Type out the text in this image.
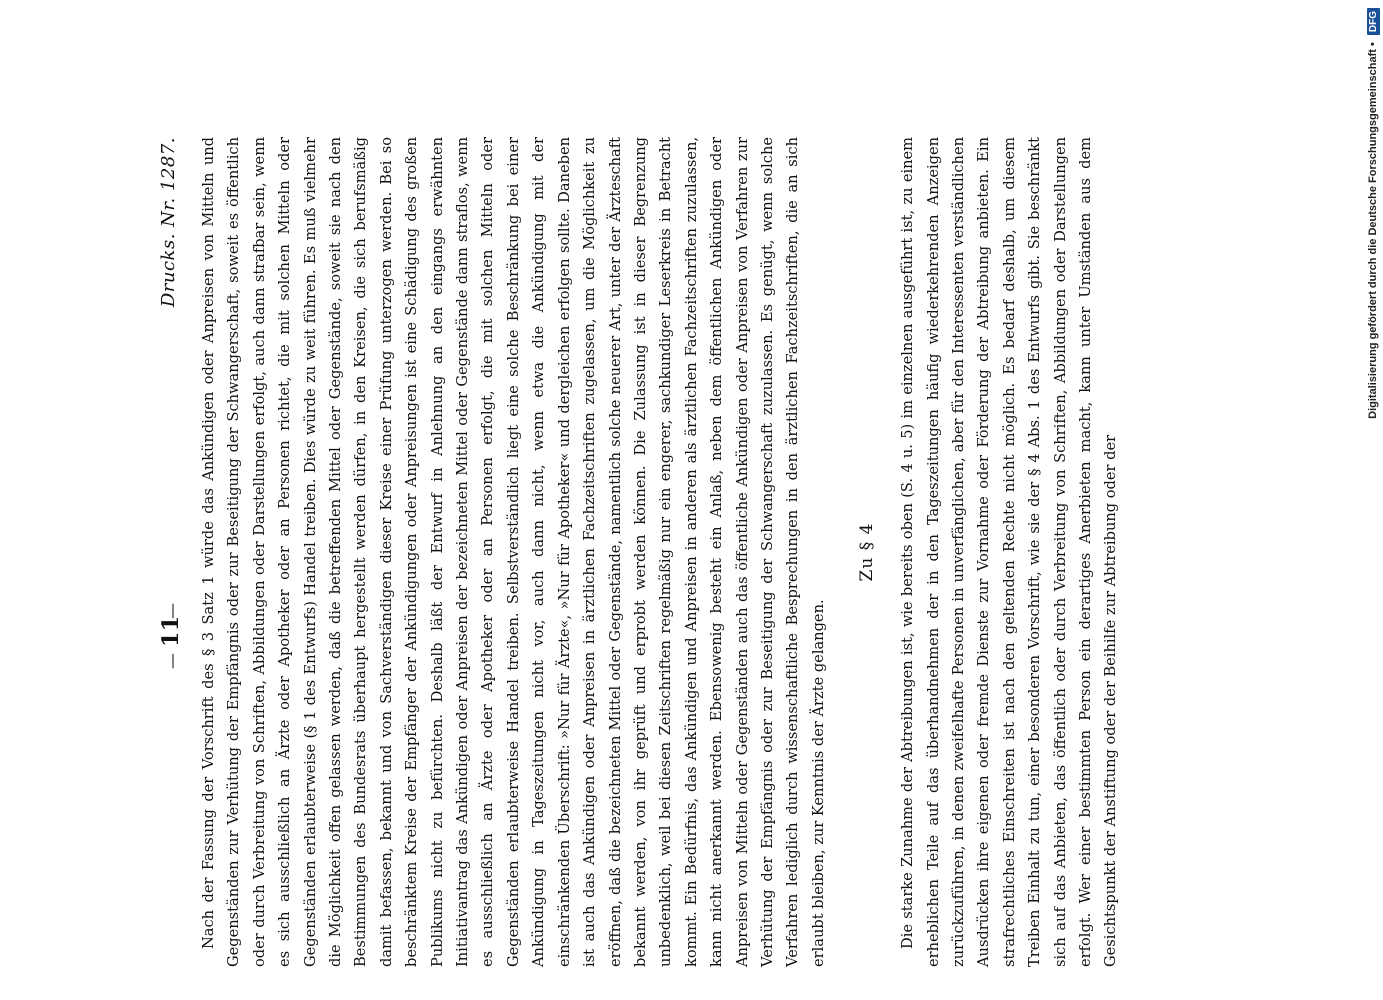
—
11
—
Drucks. Nr. 1287. Nach der Fassung der Vorschrift des § 3 Satz 1 würde das Ankündigen oder Anpreisen von Mitteln und Gegenständen zur Verhütung der Empfängnis oder zur Beseitigung der Schwangerschaft, soweit es öffentlich oder durch Verbreitung von Schriften, Abbildungen oder Darstellungen erfolgt, auch dann strafbar sein, wenn es sich ausschließlich an Ärzte oder Apotheker oder an Personen richtet, die mit solchen Mitteln oder Gegenständen erlaubterweise (§ 1 des Entwurfs) Handel treiben. Dies würde zu weit führen. Es muß vielmehr die Möglichkeit offen gelassen werden, daß die betreffenden Mittel oder Gegenstände, soweit sie nach den Bestimmungen des Bundesrats überhaupt hergestellt werden dürfen, in den Kreisen, die sich berufsmäßig damit befassen, bekannt und von Sachverständigen dieser Kreise einer Prüfung unterzogen werden. Bei so beschränktem Kreise der Empfänger der Ankündigungen oder Anpreisungen ist eine Schädigung des großen Publikums nicht zu befürchten. Deshalb läßt der Entwurf in Anlehnung an den eingangs erwähnten Initiativantrag das Ankündigen oder Anpreisen der bezeichneten Mittel oder Gegenstände dann straflos, wenn es ausschließlich an Ärzte oder Apotheker oder an Personen erfolgt, die mit solchen Mitteln oder Gegenständen erlaubterweise Handel treiben. Selbstverständlich liegt eine solche Beschränkung bei einer Ankündigung in Tageszeitungen nicht vor, auch dann nicht, wenn etwa die Ankündigung mit der einschränkenden Überschrift: »Nur für Ärzte«, »Nur für Apotheker« und dergleichen erfolgen sollte. Daneben ist auch das Ankündigen oder Anpreisen in ärztlichen Fachzeitschriften zugelassen, um die Möglichkeit zu eröffnen, daß die bezeichneten Mittel oder Gegenstände, namentlich solche neuerer Art, unter der Ärzteschaft bekannt werden, von ihr geprüft und erprobt werden können. Die Zulassung ist in dieser Begrenzung unbedenklich, weil bei diesen Zeitschriften regelmäßig nur ein engerer, sachkundiger Leserkreis in Betracht kommt. Ein Bedürfnis, das Ankündigen und Anpreisen in anderen als ärztlichen Fachzeitschriften zuzulassen, kann nicht anerkannt werden. Ebensowenig besteht ein Anlaß, neben dem öffentlichen Ankündigen oder Anpreisen von Mitteln oder Gegenständen auch das öffentliche Ankündigen oder Anpreisen von Verfahren zur Verhütung der Empfängnis oder zur Beseitigung der Schwangerschaft zuzulassen. Es genügt, wenn solche Verfahren lediglich durch wissenschaftliche Besprechungen in den ärztlichen Fachzeitschriften, die an sich erlaubt bleiben, zur Kenntnis der Ärzte gelangen.

Zu § 4 Die starke Zunahme der Abtreibungen ist, wie bereits oben (S. 4 u. 5) im einzelnen ausgeführt ist, zu einem erheblichen Teile auf das überhandnehmen der in den Tageszeitungen häufig wiederkehrenden Anzeigen zurückzuführen, in denen zweifelhafte Personen in unverfänglichen, aber für den Interessenten verständlichen Ausdrücken ihre eigenen oder fremde Dienste zur Vornahme oder Förderung der Abtreibung anbieten. Ein strafrechtliches Einschreiten ist nach den geltenden Rechte nicht möglich. Es bedarf deshalb, um diesem Treiben Einhalt zu tun, einer besonderen Vorschrift, wie sie der § 4 Abs. 1 des Entwurfs gibt. Sie beschränkt sich auf das Anbieten, das öffentlich oder durch Verbreitung von Schriften, Abbildungen oder Darstellungen erfolgt. Wer einer bestimmten Person ein derartiges Anerbieten macht, kann unter Umständen aus dem Gesichtspunkt der Anstiftung oder der Beihilfe zur Abtreibung oder der

Digitalisierung gefördert durch die Deutsche Forschungsgemeinschaft • DFG
